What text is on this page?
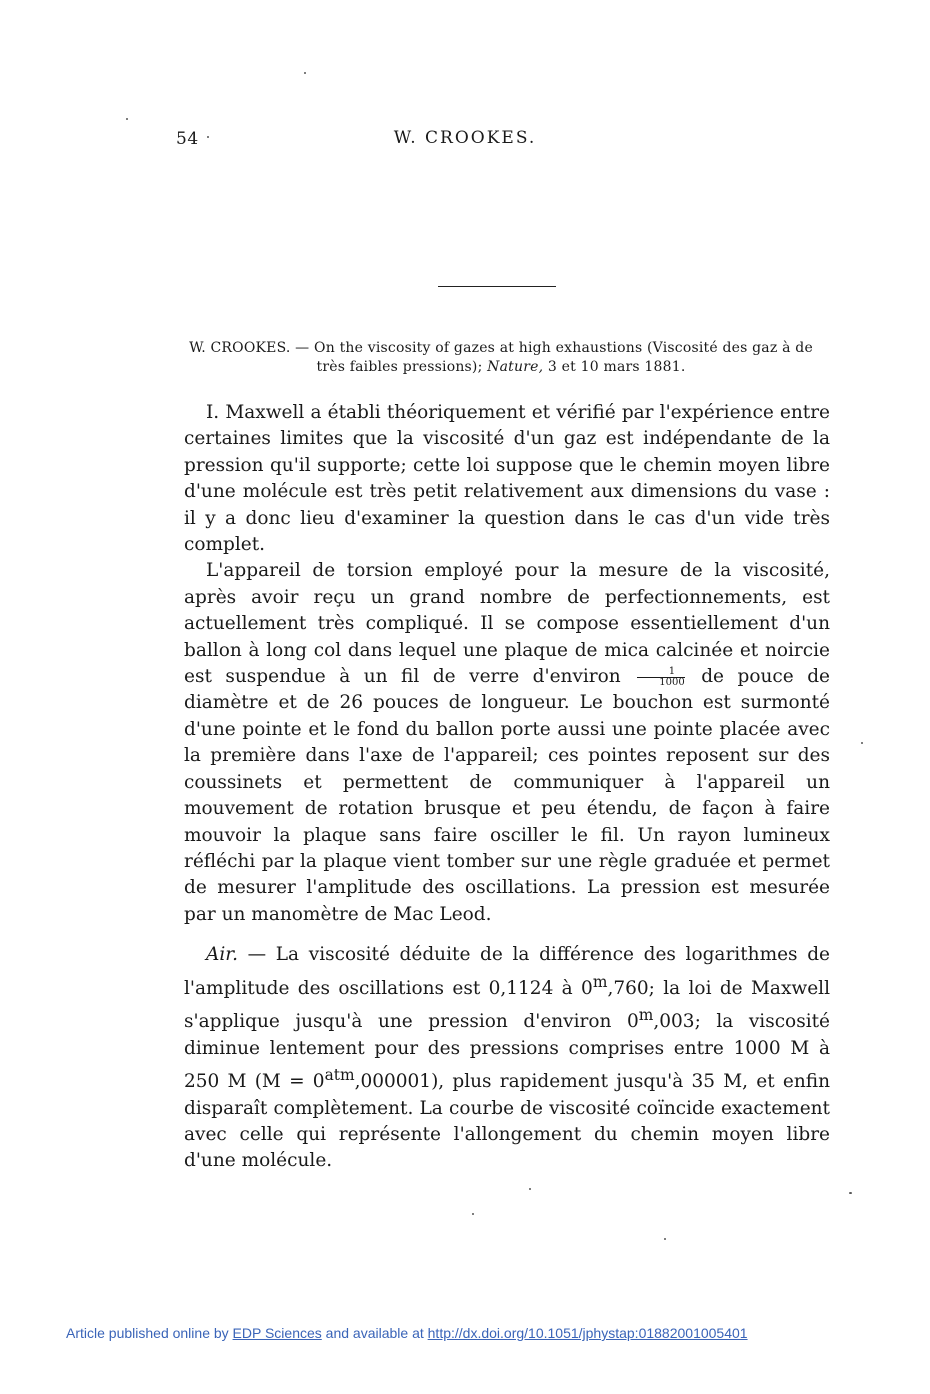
54	W. CROOKES.
W. CROOKES. — On the viscosity of gazes at high exhaustions (Viscosité des gaz à de très faibles pressions); Nature, 3 et 10 mars 1881.

I. Maxwell a établi théoriquement et vérifié par l'expérience entre certaines limites que la viscosité d'un gaz est indépendante de la pression qu'il supporte; cette loi suppose que le chemin moyen libre d'une molécule est très petit relativement aux dimensions du vase : il y a donc lieu d'examiner la question dans le cas d'un vide très complet.

L'appareil de torsion employé pour la mesure de la viscosité, après avoir reçu un grand nombre de perfectionnements, est actuellement très compliqué. Il se compose essentiellement d'un ballon à long col dans lequel une plaque de mica calcinée et noircie est suspendue à un fil de verre d'environ $\frac{1}{1000}$ de pouce de diamètre et de 26 pouces de longueur. Le bouchon est surmonté d'une pointe et le fond du ballon porte aussi une pointe placée avec la première dans l'axe de l'appareil; ces pointes reposent sur des coussinets et permettent de communiquer à l'appareil un mouvement de rotation brusque et peu étendu, de façon à faire mouvoir la plaque sans faire osciller le fil. Un rayon lumineux réfléchi par la plaque vient tomber sur une règle graduée et permet de mesurer l'amplitude des oscillations. La pression est mesurée par un manomètre de Mac Leod.

Air. — La viscosité déduite de la différence des logarithmes de l'amplitude des oscillations est 0,1124 à 0$^m$,760; la loi de Maxwell s'applique jusqu'à une pression d'environ 0$^m$,003; la viscosité diminue lentement pour des pressions comprises entre 1000 M à 250 M $(M = 0^{atm},000001)$, plus rapidement jusqu'à 35 M, et enfin disparaît complètement. La courbe de viscosité coïncide exactement avec celle qui représente l'allongement du chemin moyen libre d'une molécule.

Article published online by EDP Sciences and available at http://dx.doi.org/10.1051/jphystap:01882001005401
